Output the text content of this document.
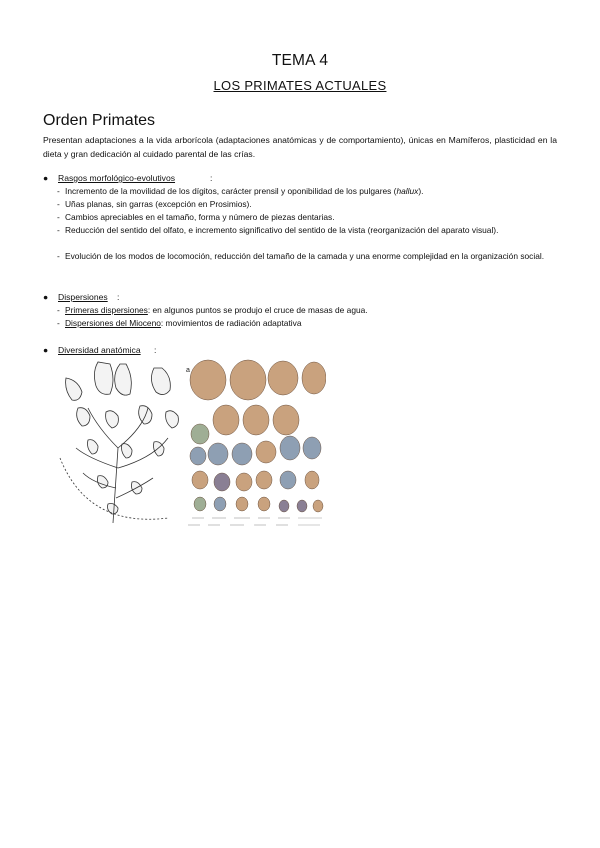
TEMA 4
LOS PRIMATES ACTUALES
Orden Primates
Presentan adaptaciones a la vida arborícola (adaptaciones anatómicas y de comportamiento), únicas en Mamíferos, plasticidad en la dieta y gran dedicación al cuidado parental de las crías.
●	Rasgos morfológico-evolutivos	:
- Incremento de la movilidad de los dígitos, carácter prensil y oponibilidad de los pulgares (hallux).
- Uñas planas, sin garras (excepción en Prosimios).
- Cambios apreciables en el tamaño, forma y número de piezas dentarias.
- Reducción del sentido del olfato, e incremento significativo del sentido de la vista (reorganización del aparato visual).
- Evolución de los modos de locomoción, reducción del tamaño de la camada y una enorme complejidad en la organización social.
●	Dispersiones :
- Primeras dispersiones: en algunos puntos se produjo el cruce de masas de agua.
- Dispersiones del Mioceno: movimientos de radiación adaptativa
●	Diversidad anatómica :
a
